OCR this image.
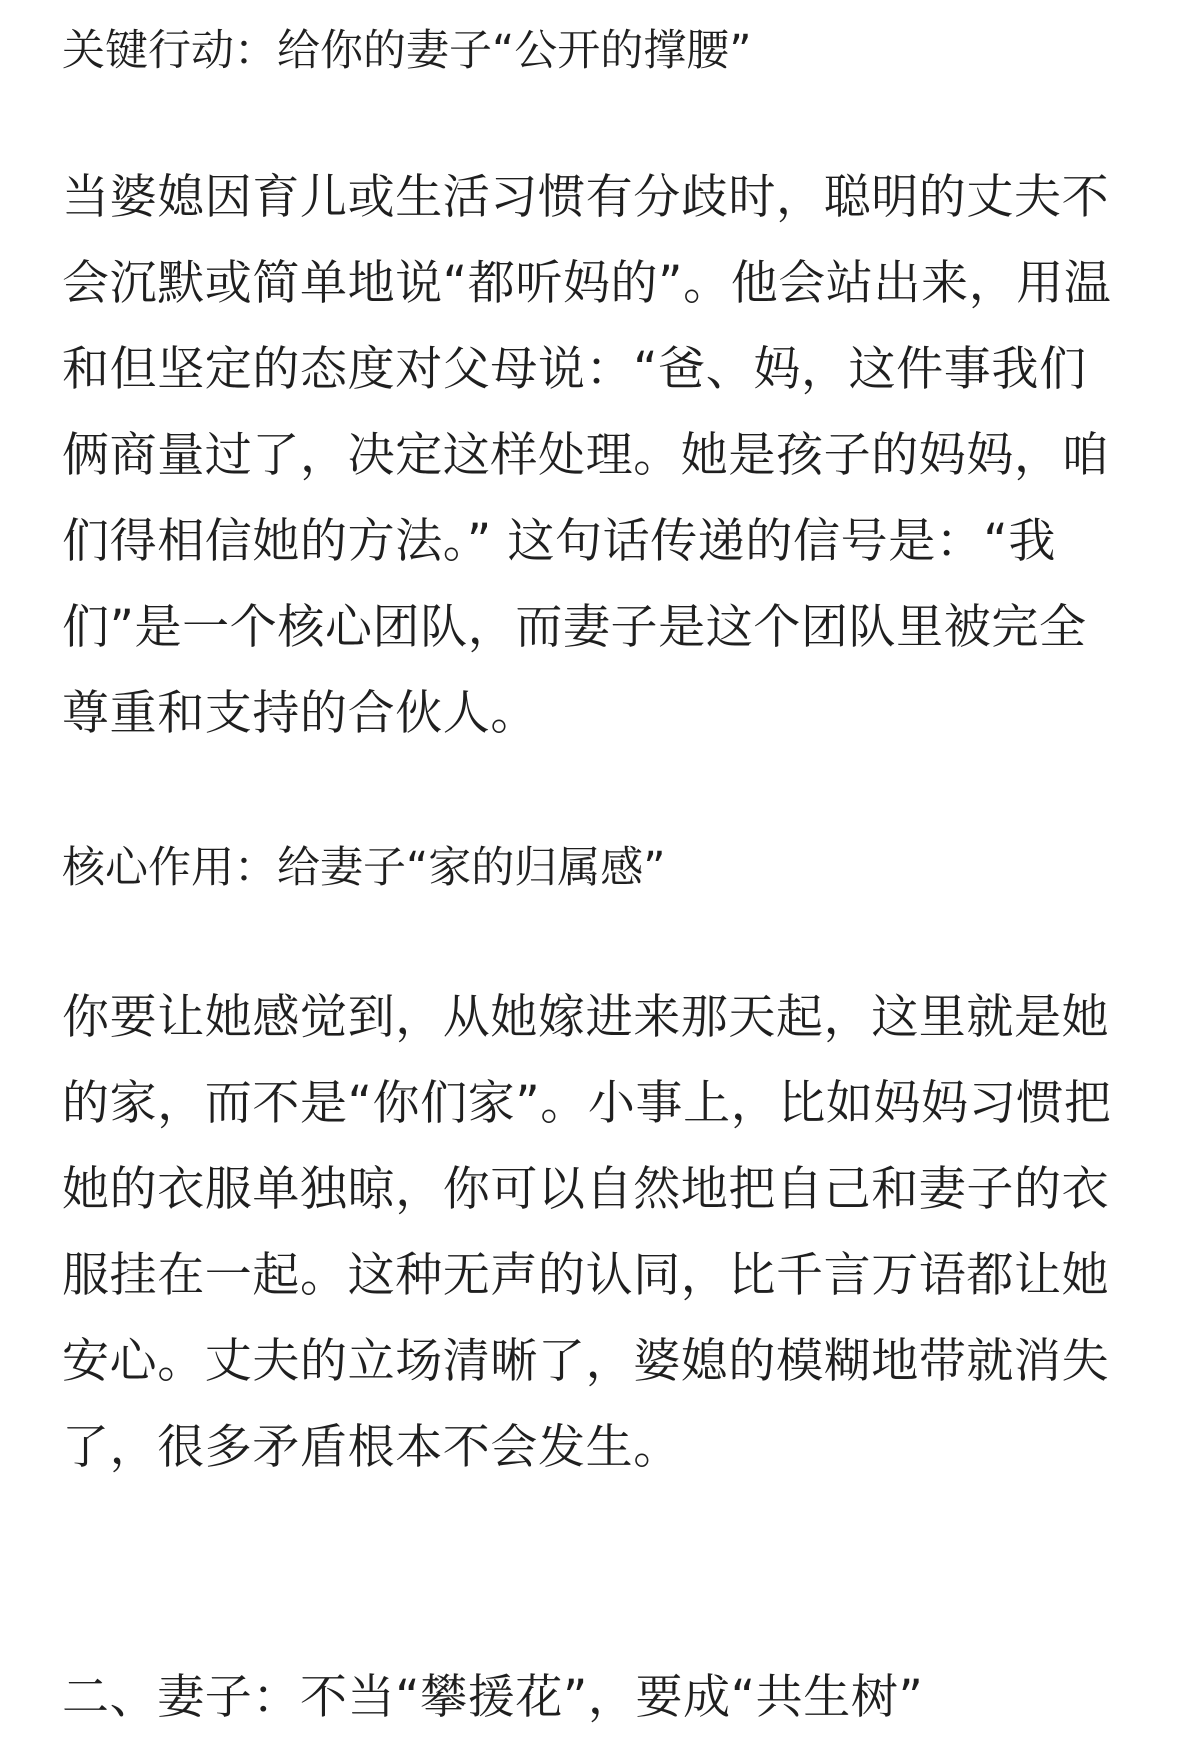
关键行动：给你的妻子“公开的撑腰”

当婆媳因育儿或生活习惯有分歧时，聪明的丈夫不会沉默或简单地说“都听妈的”。他会站出来，用温和但坚定的态度对父母说：“爸、妈，这件事我们俩商量过了，决定这样处理。她是孩子的妈妈，咱们得相信她的方法。” 这句话传递的信号是：“我们”是一个核心团队，而妻子是这个团队里被完全尊重和支持的合伙人。

核心作用：给妻子“家的归属感”

你要让她感觉到，从她嫁进来那天起，这里就是她的家，而不是“你们家”。小事上，比如妈妈习惯把她的衣服单独晾，你可以自然地把自己和妻子的衣服挂在一起。这种无声的认同，比千言万语都让她安心。丈夫的立场清晰了，婆媳的模糊地带就消失了，很多矛盾根本不会发生。

二、妻子：不当“攀援花”，要成“共生树”
